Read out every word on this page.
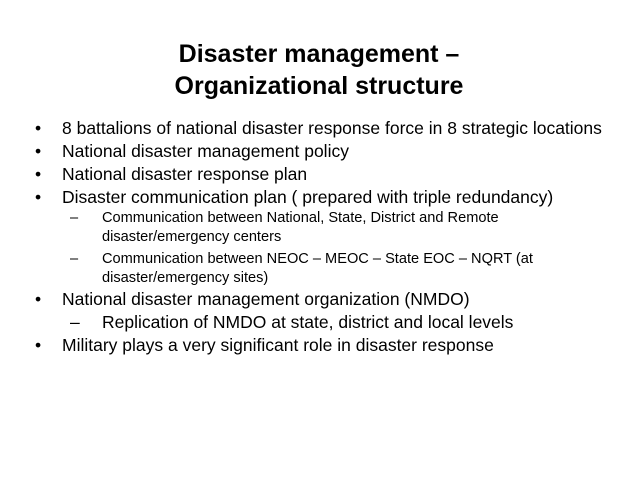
Disaster management –
Organizational structure
• 8 battalions of national disaster response force in 8 strategic locations
• National disaster management policy
• National disaster response plan
• Disaster communication plan ( prepared with triple redundancy)
– Communication between National, State, District and Remote disaster/emergency centers
– Communication between NEOC – MEOC – State EOC – NQRT (at disaster/emergency sites)
• National disaster management organization (NMDO)
– Replication of NMDO at state, district and local levels
• Military plays a very significant role in disaster response
